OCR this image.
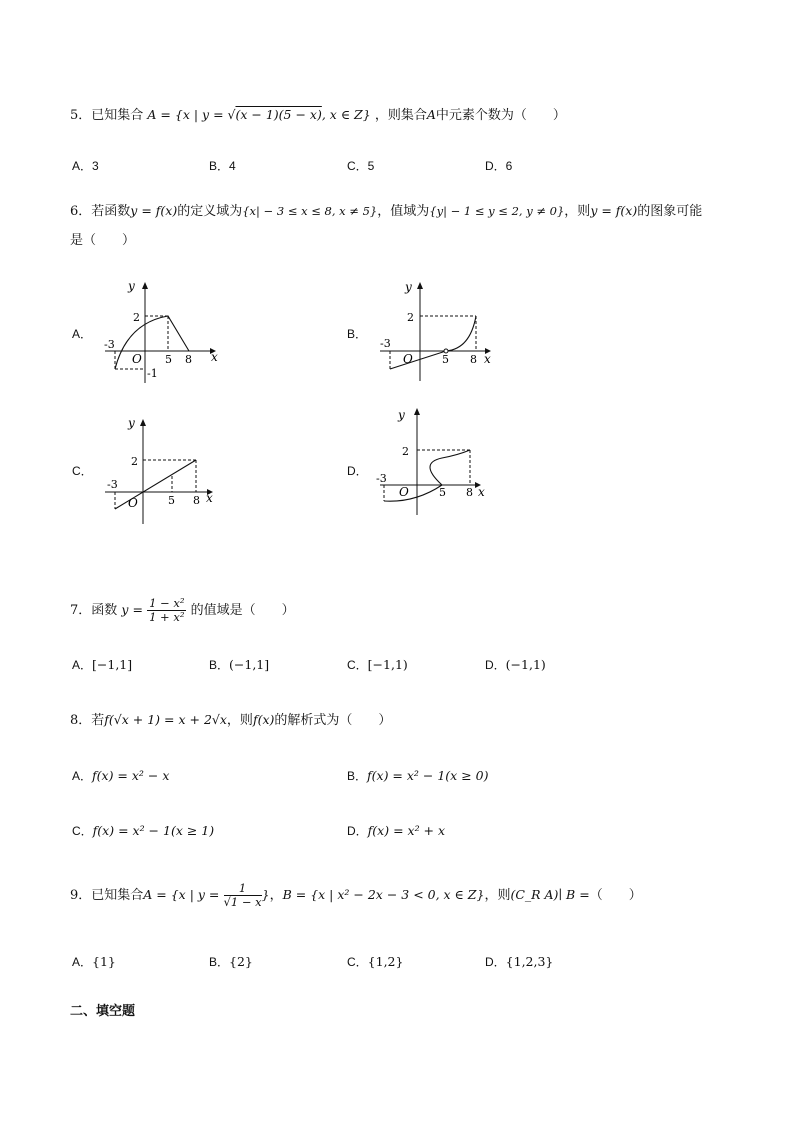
5．已知集合 A = {x | y = √(x − 1)(5 − x), x ∈ Z} ，则集合A中元素个数为（　　）
A．3	B．4	C．5	D．6
6．若函数y = f(x)的定义域为{x| − 3 ≤ x ≤ 8, x ≠ 5}，值域为{y| − 1 ≤ y ≤ 2, y ≠ 0}，则y = f(x)的图象可能
是（　　）
A．
y
x
O
2
-3
5 8
-1
B．
y
x
O
2
-3
5 8
C．
y
x
O
2
-3
5 8
D．
y
x
O
2
-3
5 8
7．函数 $y = \frac{\text{1 − x²}}{\text{1 + x²}}$ 的值域是（　　）
A．[−1,1]	B．(−1,1]	C．[−1,1)	D．(−1,1)
8．若f(√x + 1) = x + 2√x，则f(x)的解析式为（　　）
A．f(x) = x² − x	B．f(x) = x² − 1(x ≥ 0)
C．f(x) = x² − 1(x ≥ 1)	D．f(x) = x² + x
9．已知集合A = {x | $y = \frac{1}{√1 - x}$ }，B = {x | x² − 2x − 3 < 0, x ∈ Z}，则(C_R A)∣ B =（　　）
A．{1}	B．{2}	C．{1,2}	D．{1,2,3}
二、填空题
